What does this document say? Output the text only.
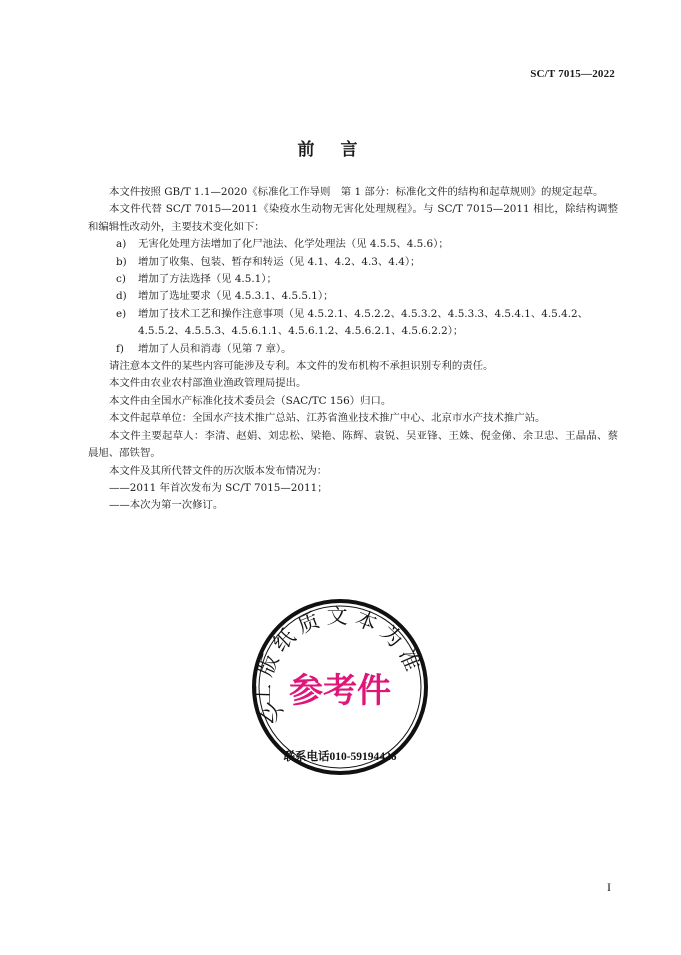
SC/T 7015—2022
前言

本文件按照 GB/T 1.1—2020《标准化工作导则　第 1 部分：标准化文件的结构和起草规则》的规定起草。

本文件代替 SC/T 7015—2011《染疫水生动物无害化处理规程》。与 SC/T 7015—2011 相比，除结构调整和编辑性改动外，主要技术变化如下：

a) 无害化处理方法增加了化尸池法、化学处理法（见 4.5.5、4.5.6）；
b) 增加了收集、包装、暂存和转运（见 4.1、4.2、4.3、4.4）；
c) 增加了方法选择（见 4.5.1）；
d) 增加了选址要求（见 4.5.3.1、4.5.5.1）；
e) 增加了技术工艺和操作注意事项（见 4.5.2.1、4.5.2.2、4.5.3.2、4.5.3.3、4.5.4.1、4.5.4.2、4.5.5.2、4.5.5.3、4.5.6.1.1、4.5.6.1.2、4.5.6.2.1、4.5.6.2.2）；
f) 增加了人员和消毒（见第 7 章）。

请注意本文件的某些内容可能涉及专利。本文件的发布机构不承担识别专利的责任。

本文件由农业农村部渔业渔政管理局提出。

本文件由全国水产标准化技术委员会（SAC/TC 156）归口。

本文件起草单位：全国水产技术推广总站、江苏省渔业技术推广中心、北京市水产技术推广站。

本文件主要起草人：李清、赵娟、刘忠松、梁艳、陈辉、袁锐、吴亚锋、王姝、倪金俤、余卫忠、王晶晶、蔡晨旭、邵铁智。

本文件及其所代替文件的历次版本发布情况为：

——2011 年首次发布为 SC/T 7015—2011；

——本次为第一次修订。

工版纸质文本为准
以
参考件
联系电话010-59194426
I
